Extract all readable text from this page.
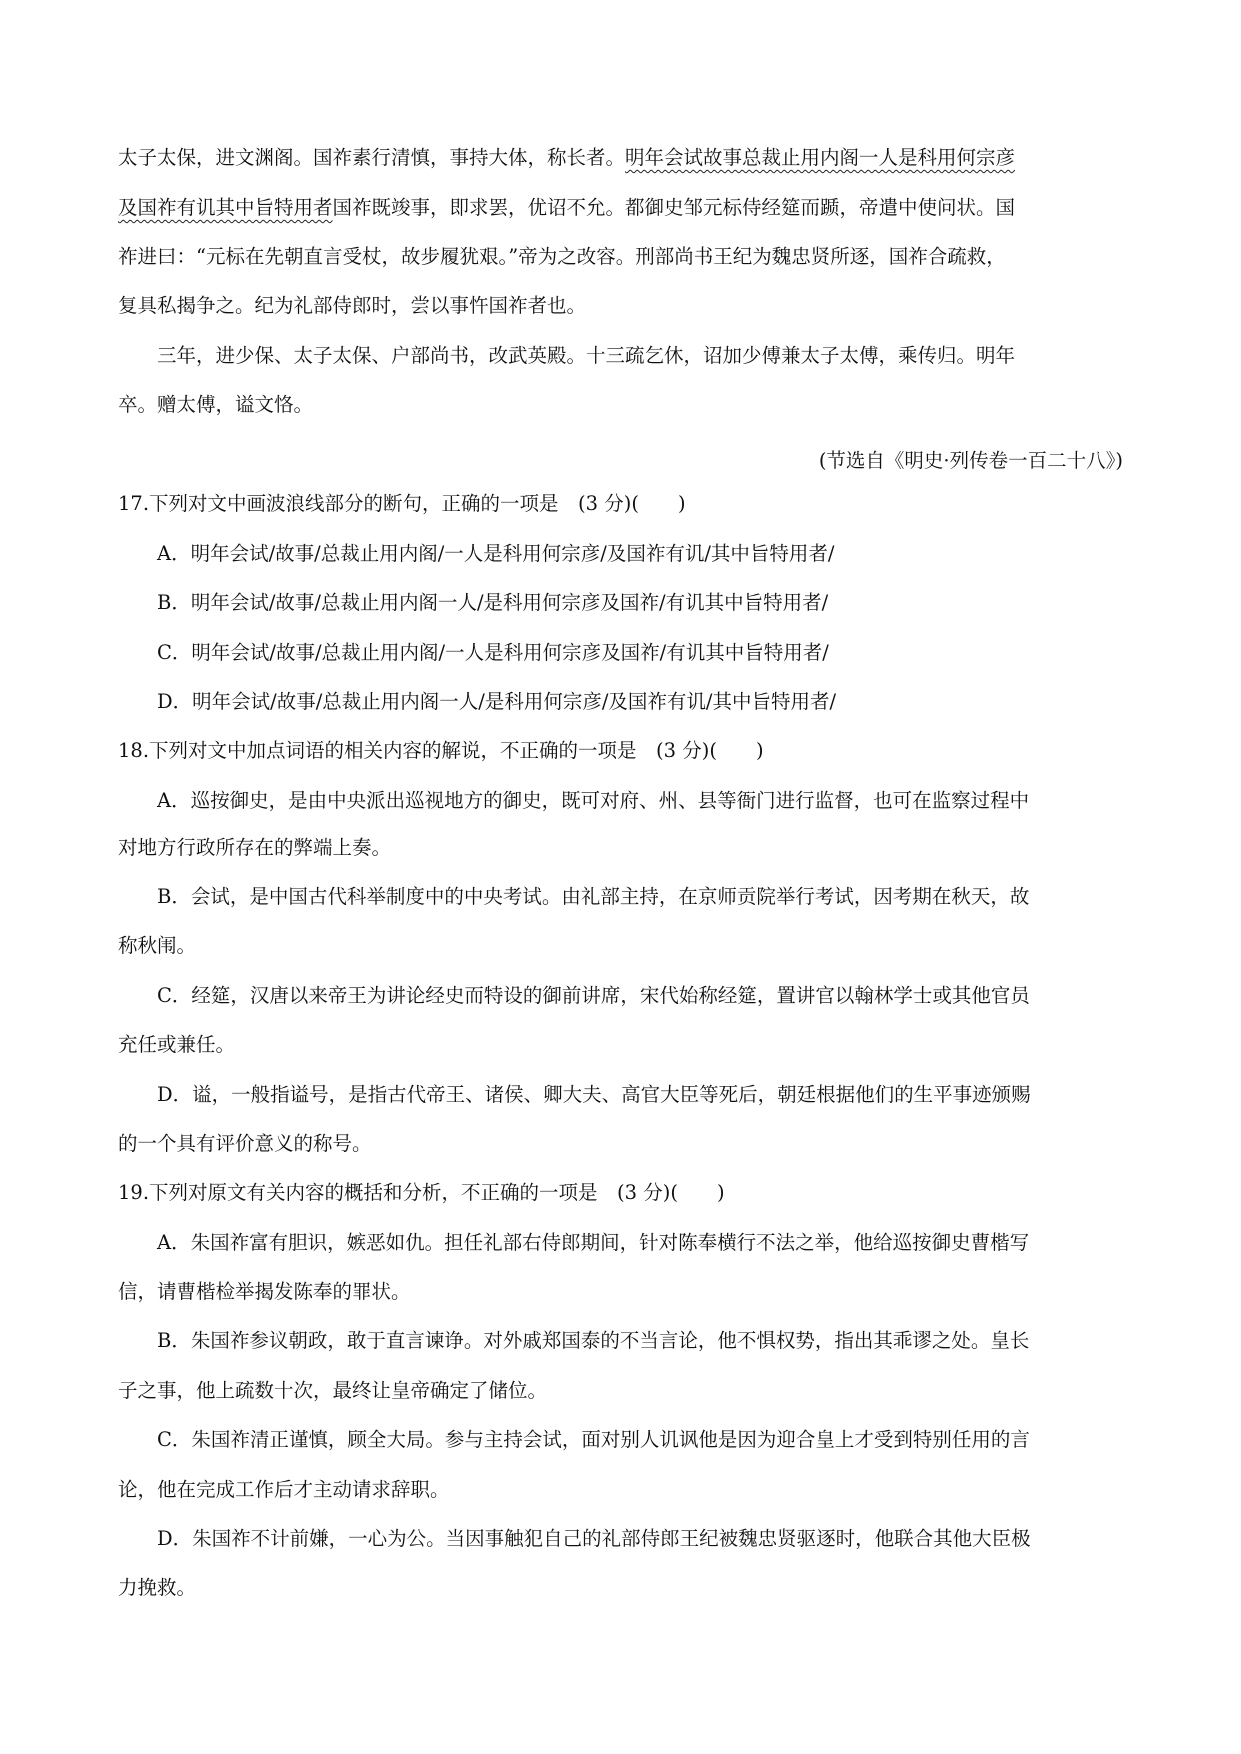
太子太保，进文渊阁。国祚素行清慎，事持大体，称长者。明年会试故事总裁止用内阁一人是科用何宗彦
及国祚有讥其中旨特用者国祚既竣事，即求罢，优诏不允。都御史邹元标侍经筵而踬，帝遣中使问状。国
祚进曰：“元标在先朝直言受杖，故步履犹艰。”帝为之改容。刑部尚书王纪为魏忠贤所逐，国祚合疏救，
复具私揭争之。纪为礼部侍郎时，尝以事忤国祚者也。
三年，进少保、太子太保、户部尚书，改武英殿。十三疏乞休，诏加少傅兼太子太傅，乘传归。明年
卒。赠太傅，谥文恪。
(节选自《明史·列传卷一百二十八》)
17.下列对文中画波浪线部分的断句，正确的一项是　(3 分)(　　)
A．明年会试/故事/总裁止用内阁/一人是科用何宗彦/及国祚有讥/其中旨特用者/
B．明年会试/故事/总裁止用内阁一人/是科用何宗彦及国祚/有讥其中旨特用者/
C．明年会试/故事/总裁止用内阁/一人是科用何宗彦及国祚/有讥其中旨特用者/
D．明年会试/故事/总裁止用内阁一人/是科用何宗彦/及国祚有讥/其中旨特用者/
18.下列对文中加点词语的相关内容的解说，不正确的一项是　(3 分)(　　)
A．巡按御史，是由中央派出巡视地方的御史，既可对府、州、县等衙门进行监督，也可在监察过程中
对地方行政所存在的弊端上奏。
B．会试，是中国古代科举制度中的中央考试。由礼部主持，在京师贡院举行考试，因考期在秋天，故
称秋闱。
C．经筵，汉唐以来帝王为讲论经史而特设的御前讲席，宋代始称经筵，置讲官以翰林学士或其他官员
充任或兼任。
D．谥，一般指谥号，是指古代帝王、诸侯、卿大夫、高官大臣等死后，朝廷根据他们的生平事迹颁赐
的一个具有评价意义的称号。
19.下列对原文有关内容的概括和分析，不正确的一项是　(3 分)(　　)
A．朱国祚富有胆识，嫉恶如仇。担任礼部右侍郎期间，针对陈奉横行不法之举，他给巡按御史曹楷写
信，请曹楷检举揭发陈奉的罪状。
B．朱国祚参议朝政，敢于直言谏诤。对外戚郑国泰的不当言论，他不惧权势，指出其乖谬之处。皇长
子之事，他上疏数十次，最终让皇帝确定了储位。
C．朱国祚清正谨慎，顾全大局。参与主持会试，面对别人讥讽他是因为迎合皇上才受到特别任用的言
论，他在完成工作后才主动请求辞职。
D．朱国祚不计前嫌，一心为公。当因事触犯自己的礼部侍郎王纪被魏忠贤驱逐时，他联合其他大臣极
力挽救。
